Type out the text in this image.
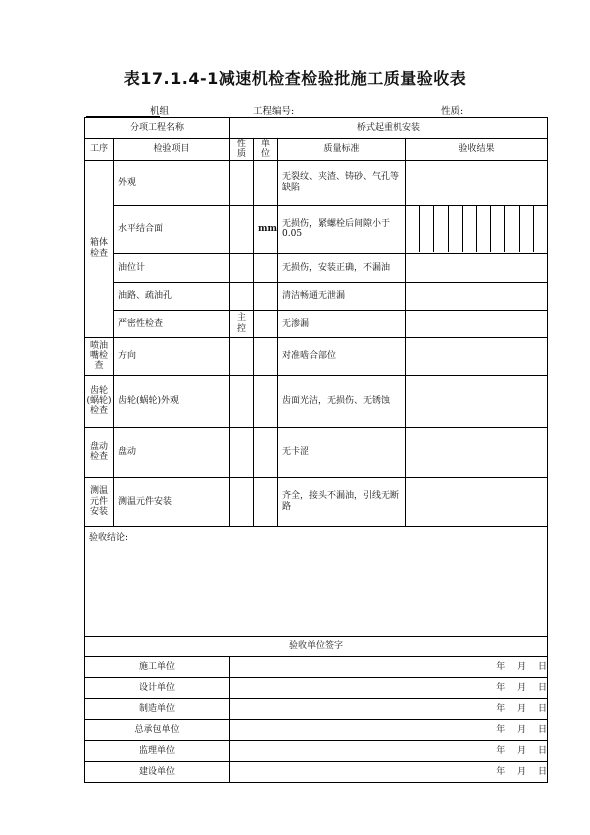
表17.1.4-1减速机检查检验批施工质量验收表
机组	工程编号:	性质:
分项工程名称		桥式起重机安装			
工序	检验项目	性质	单位	质量标准	验收结果
箱体检查	外观			无裂纹、夹渣、铸砂、气孔等缺陷	
	水平结合面		mm	无损伤，紧螺栓后间隙小于0.05	

	油位计			无损伤，安装正确，不漏油	
	油路、疏油孔			清洁畅通无泄漏	
	严密性检查	主控		无渗漏	
喷油嘴检查	方向			对准啮合部位	
齿轮(蜗轮)检查	齿轮(蜗轮)外观			齿面光洁，无损伤、无锈蚀	
盘动检查	盘动			无卡涩	
测温元件安装	测温元件安装			齐全，接头不漏油，引线无断路	
验收结论:					
验收单位签字					
施工单位		年 月 日			
设计单位		年 月 日			
制造单位		年 月 日			
总承包单位		年 月 日			
监理单位		年 月 日			
建设单位		年 月 日			
